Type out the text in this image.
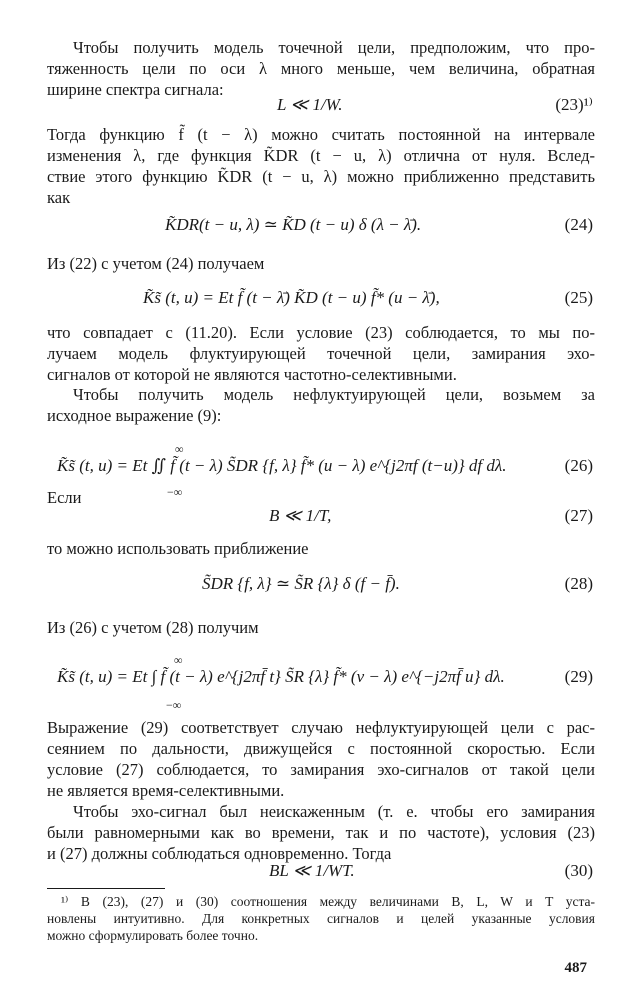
Чтобы получить модель точечной цели, предположим, что про-
тяженность цели по оси λ много меньше, чем величина, обратная
ширине спектра сигнала:
L ≪ 1/W.	(23)¹⁾
Тогда функцию f̃ (t − λ) можно считать постоянной на интервале
изменения λ, где функция K̃DR (t − u, λ) отлична от нуля. Вслед-
ствие этого функцию K̃DR (t − u, λ) можно приближенно представить
как
K̃DR(t − u, λ) ≃ K̃D (t − u) δ (λ − λ̄).	(24)
Из (22) с учетом (24) получаем
K̃s̃ (t, u) = Et f̃ (t − λ̄) K̃D (t − u) f̃* (u − λ̄),	(25)
что совпадает с (11.20). Если условие (23) соблюдается, то мы по-
лучаем модель флуктуирующей точечной цели, замирания эхо-
сигналов от которой не являются частотно-селективными.
Чтобы получить модель нефлуктуирующей цели, возьмем за
исходное выражение (9):
∞
−∞
K̃s̃ (t, u) = Et ∬ f̃ (t − λ) S̃DR {f, λ} f̃* (u − λ) e^{j2πf (t−u)} df dλ.	(26)
Если
B ≪ 1/T,	(27)
то можно использовать приближение
S̃DR {f, λ} ≃ S̃R {λ} δ (f − f̄).	(28)
Из (26) с учетом (28) получим
∞
−∞
K̃s̃ (t, u) = Et ∫ f̃ (t − λ) e^{j2πf̄ t} S̃R {λ} f̃* (v − λ) e^{−j2πf̄ u} dλ.	(29)
Выражение (29) соответствует случаю нефлуктуирующей цели с рас-
сеянием по дальности, движущейся с постоянной скоростью. Если
условие (27) соблюдается, то замирания эхо-сигналов от такой цели
не является время-селективными.
Чтобы эхо-сигнал был неискаженным (т. е. чтобы его замирания
были равномерными как во времени, так и по частоте), условия (23)
и (27) должны соблюдаться одновременно. Тогда
BL ≪ 1/WT.	(30)
¹⁾ В (23), (27) и (30) соотношения между величинами B, L, W и T уста-
новлены интуитивно. Для конкретных сигналов и целей указанные условия
можно сформулировать более точно.
487
